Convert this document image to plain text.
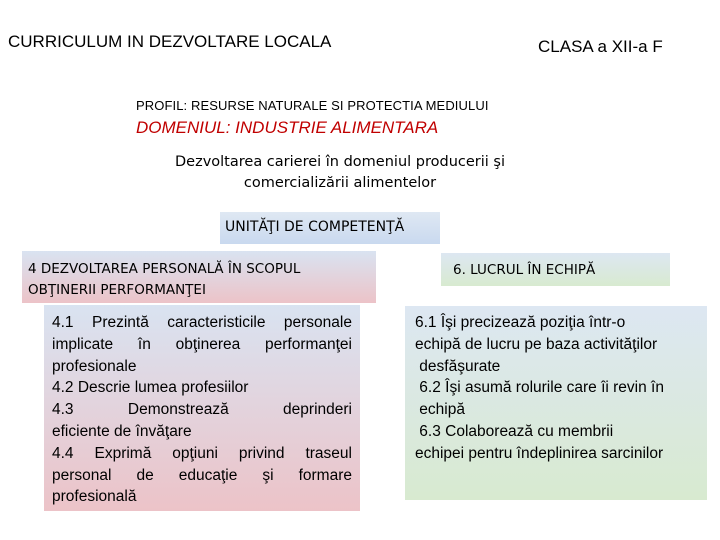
CURRICULUM IN DEZVOLTARE LOCALA	CLASA a XII-a F
PROFIL: RESURSE NATURALE SI PROTECTIA MEDIULUI
DOMENIUL: INDUSTRIE ALIMENTARA
Dezvoltarea carierei în domeniul producerii şi
comercializării alimentelor
UNITĂŢI DE COMPETENŢĂ
4 DEZVOLTAREA PERSONALĂ ÎN SCOPUL
OBŢINERII PERFORMANŢEI
6. LUCRUL ÎN ECHIPĂ
4.1 Prezintă caracteristicile personale
implicate în obţinerea performanţei
profesionale
4.2 Descrie lumea profesiilor
4.3	Demonstrează	deprinderi
eficiente de învăţare
4.4 Exprimă opţiuni privind traseul
personal de educaţie şi formare
profesională
6.1 Îşi precizează poziţia într-o
echipă de lucru pe baza activităţilor
desfăşurate
6.2 Îşi asumă rolurile care îi revin în
echipă
6.3 Colaborează cu membrii
echipei pentru îndeplinirea sarcinilor
